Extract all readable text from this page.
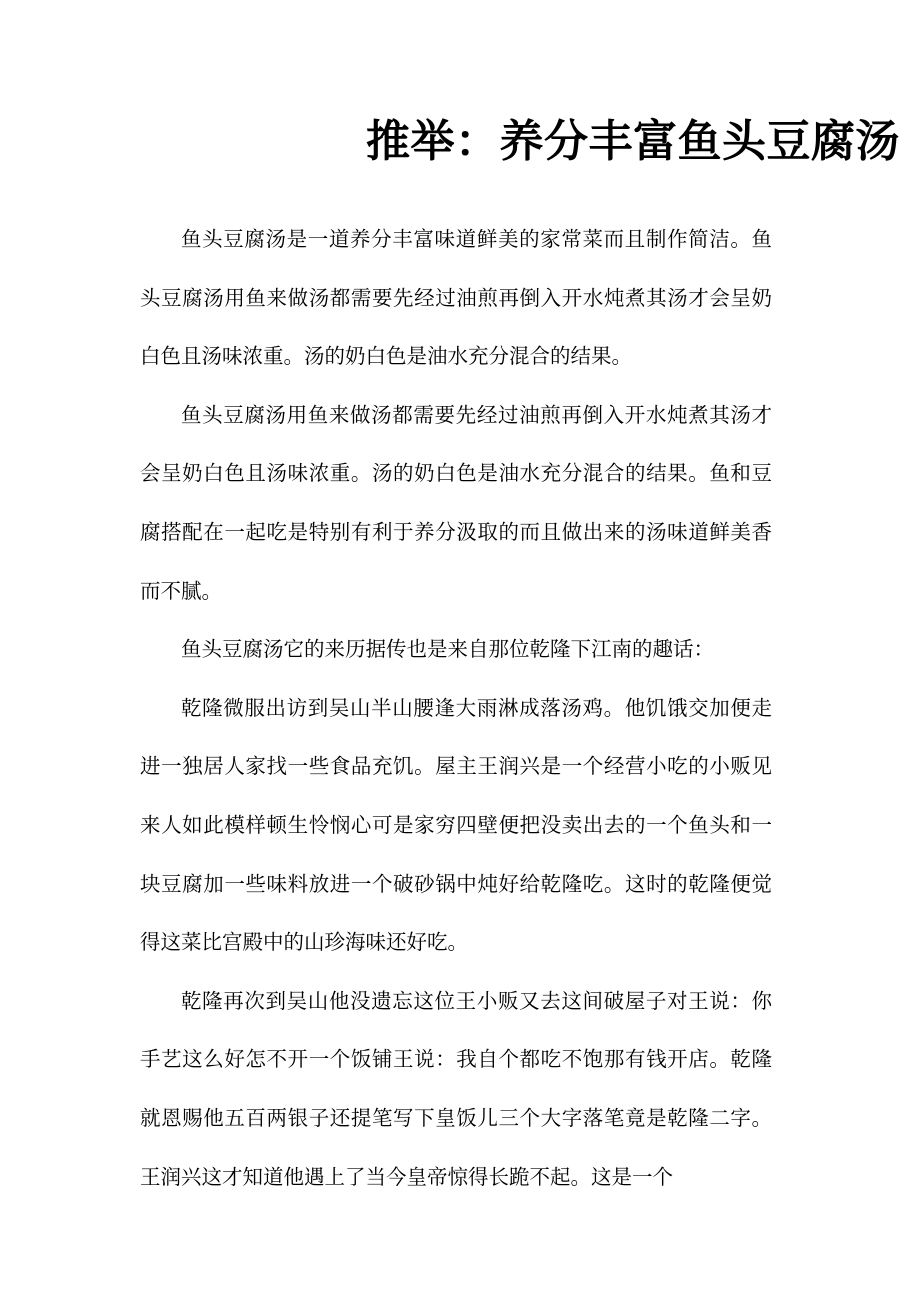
推举：养分丰富鱼头豆腐汤

鱼头豆腐汤是一道养分丰富味道鲜美的家常菜而且制作简洁。鱼头豆腐汤用鱼来做汤都需要先经过油煎再倒入开水炖煮其汤才会呈奶白色且汤味浓重。汤的奶白色是油水充分混合的结果。

鱼头豆腐汤用鱼来做汤都需要先经过油煎再倒入开水炖煮其汤才会呈奶白色且汤味浓重。汤的奶白色是油水充分混合的结果。鱼和豆腐搭配在一起吃是特别有利于养分汲取的而且做出来的汤味道鲜美香而不腻。

鱼头豆腐汤它的来历据传也是来自那位乾隆下江南的趣话：

乾隆微服出访到吴山半山腰逢大雨淋成落汤鸡。他饥饿交加便走进一独居人家找一些食品充饥。屋主王润兴是一个经营小吃的小贩见来人如此模样顿生怜悯心可是家穷四壁便把没卖出去的一个鱼头和一块豆腐加一些味料放进一个破砂锅中炖好给乾隆吃。这时的乾隆便觉得这菜比宫殿中的山珍海味还好吃。

乾隆再次到吴山他没遗忘这位王小贩又去这间破屋子对王说：你手艺这么好怎不开一个饭铺王说：我自个都吃不饱那有钱开店。乾隆就恩赐他五百两银子还提笔写下皇饭儿三个大字落笔竟是乾隆二字。王润兴这才知道他遇上了当今皇帝惊得长跪不起。这是一个
